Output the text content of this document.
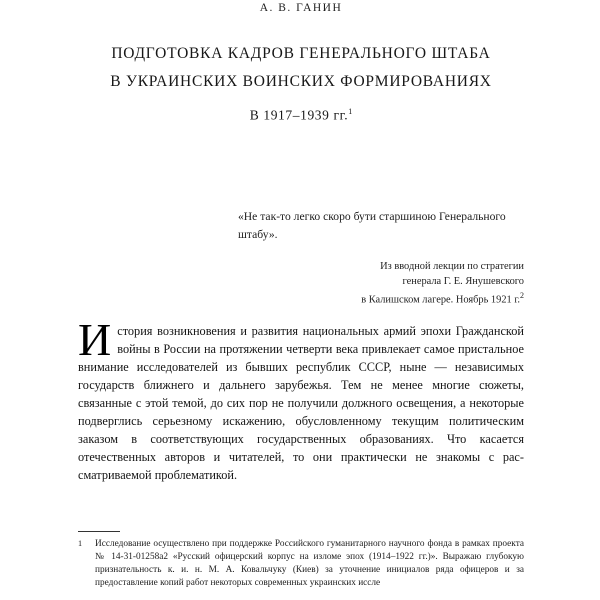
А. В. ГАНИН
ПОДГОТОВКА КАДРОВ ГЕНЕРАЛЬНОГО ШТАБА
В УКРАИНСКИХ ВОИНСКИХ ФОРМИРОВАНИЯХ
В 1917–1939 гг.$^1$
«Не так-то легко скоро бути старшиною Генерального штабу».
Из вводной лекции по стратегии
генерала Г. Е. Янушевского
в Калишском лагере. Ноябрь 1921 г.$^2$
История возникновения и развития национальных армий эпохи Гражданской войны в России на протяжении четверти века привлекает самое пристальное внимание исследователей из бывших республик СССР, ныне — независимых государств ближнего и дальнего зарубежья. Тем не менее многие сюжеты, связанные с этой темой, до сих пор не получили должного освещения, а некоторые подверглись серьезному искажению, обусловленному текущим политическим заказом в соответствующих государственных образованиях. Что касается отечественных авторов и читателей, то они практически не знакомы с рассматриваемой проблематикой.
1	Исследование осуществлено при поддержке Российского гуманитарного научного фонда в рамках проекта № 14-31-01258а2 «Русский офицерский корпус на изломе эпох (1914–1922 гг.)». Выражаю глубокую признательность к. и. н. М. А. Ковальчуку (Киев) за уточнение инициалов ряда офицеров и за предоставление копий работ некоторых современных украинских иссле
